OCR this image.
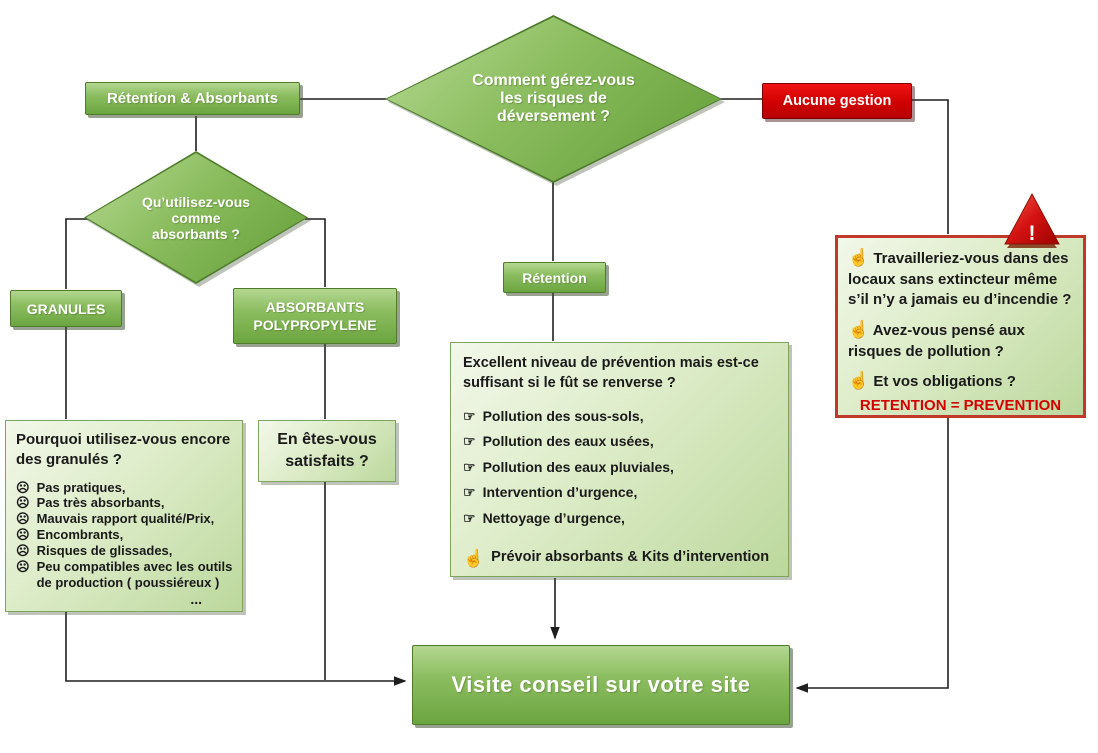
Rétention & Absorbants
Comment gérez-vous les risques de déversement ?
Aucune gestion
Qu’utilisez-vous comme absorbants ?
GRANULES	ABSORBANTS POLYPROPYLENE
Rétention
Pourquoi utilisez-vous encore des granulés ?
☹ Pas pratiques,
☹ Pas très absorbants,
☹ Mauvais rapport qualité/Prix,
☹ Encombrants,
☹ Risques de glissades,
☹ Peu compatibles avec les outils de production ( poussiéreux )
...
En êtes-vous satisfaits ?
Excellent niveau de prévention mais est-ce suffisant si le fût se renverse ?
☞ Pollution des sous-sols,
☞ Pollution des eaux usées,
☞ Pollution des eaux pluviales,
☞ Intervention d’urgence,
☞ Nettoyage d’urgence,
☝ Prévoir absorbants & Kits d’intervention
☝ Travailleriez-vous dans des locaux sans extincteur même s’il n’y a jamais eu d’incendie ?
☝ Avez-vous pensé aux risques de pollution ?
☝ Et vos obligations ?
RETENTION = PREVENTION
!
Visite conseil sur votre site
